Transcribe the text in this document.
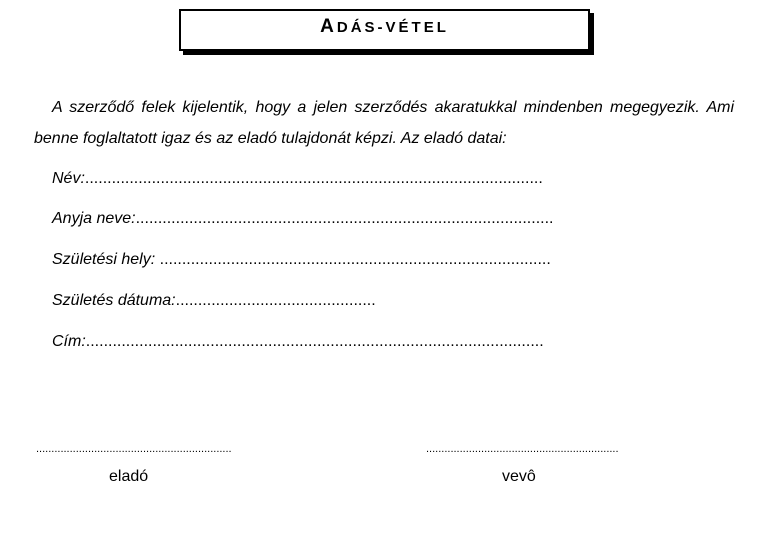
ADÁS-VÉTEL

A szerződő felek kijelentik, hogy a jelen szerződés akaratukkal mindenben megegyezik. Ami benne foglaltatott igaz és az eladó tulajdonát képzi. Az eladó datai:

Név:.......................................................................................................
Anyja neve:..............................................................................................
Születési hely: ........................................................................................
Születés dátuma:.............................................
Cím:.......................................................................................................
................................................................	...............................................................
eladó	vevô
